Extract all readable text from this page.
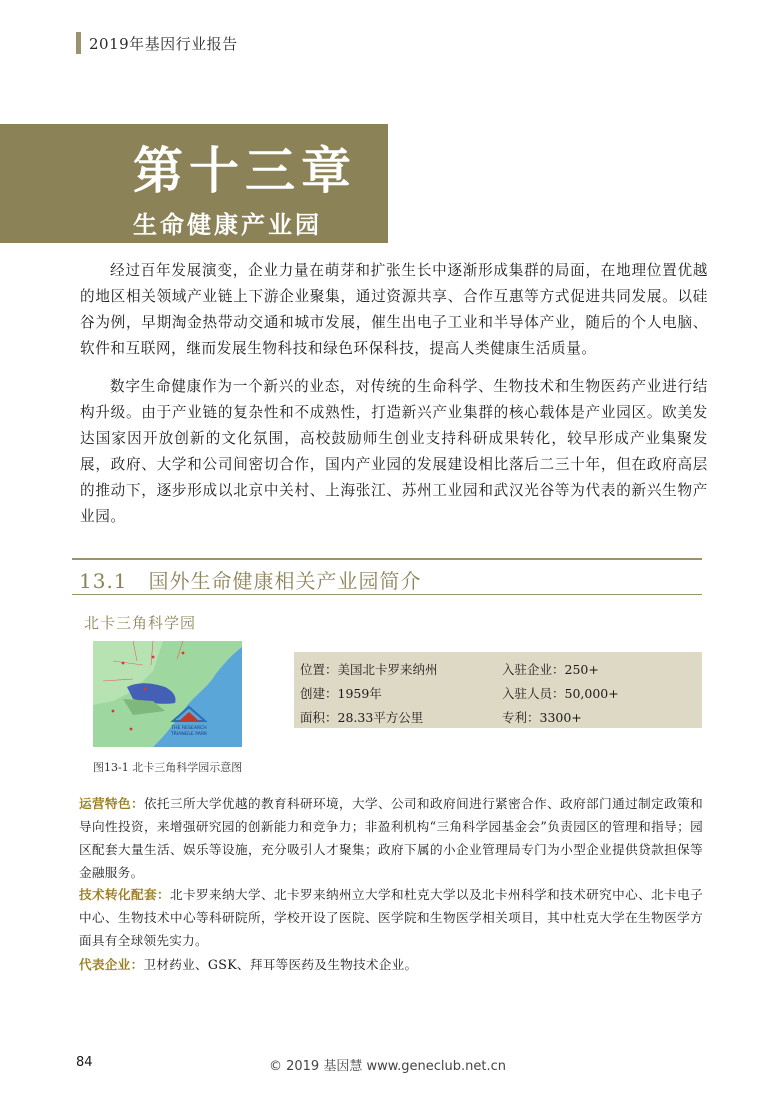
2019年基因行业报告
第十三章
生命健康产业园
经过百年发展演变，企业力量在萌芽和扩张生长中逐渐形成集群的局面，在地理位置优越的地区相关领域产业链上下游企业聚集，通过资源共享、合作互惠等方式促进共同发展。以硅谷为例，早期淘金热带动交通和城市发展，催生出电子工业和半导体产业，随后的个人电脑、软件和互联网，继而发展生物科技和绿色环保科技，提高人类健康生活质量。
数字生命健康作为一个新兴的业态，对传统的生命科学、生物技术和生物医药产业进行结构升级。由于产业链的复杂性和不成熟性，打造新兴产业集群的核心载体是产业园区。欧美发达国家因开放创新的文化氛围，高校鼓励师生创业支持科研成果转化，较早形成产业集聚发展，政府、大学和公司间密切合作，国内产业园的发展建设相比落后二三十年，但在政府高层的推动下，逐步形成以北京中关村、上海张江、苏州工业园和武汉光谷等为代表的新兴生物产业园。
13.1　国外生命健康相关产业园简介
北卡三角科学园
THE RESEARCH
TRIANGLE PARK
图13-1 北卡三角科学园示意图
位置：美国北卡罗来纳州
创建：1959年
面积：28.33平方公里
入驻企业：250+
入驻人员：50,000+
专利：3300+
运营特色：依托三所大学优越的教育科研环境，大学、公司和政府间进行紧密合作、政府部门通过制定政策和导向性投资，来增强研究园的创新能力和竞争力；非盈利机构“三角科学园基金会”负责园区的管理和指导；园区配套大量生活、娱乐等设施，充分吸引人才聚集；政府下属的小企业管理局专门为小型企业提供贷款担保等金融服务。
技术转化配套：北卡罗来纳大学、北卡罗来纳州立大学和杜克大学以及北卡州科学和技术研究中心、北卡电子中心、生物技术中心等科研院所，学校开设了医院、医学院和生物医学相关项目，其中杜克大学在生物医学方面具有全球领先实力。
代表企业：卫材药业、GSK、拜耳等医药及生物技术企业。
© 2019 基因慧 www.geneclub.net.cn
84
